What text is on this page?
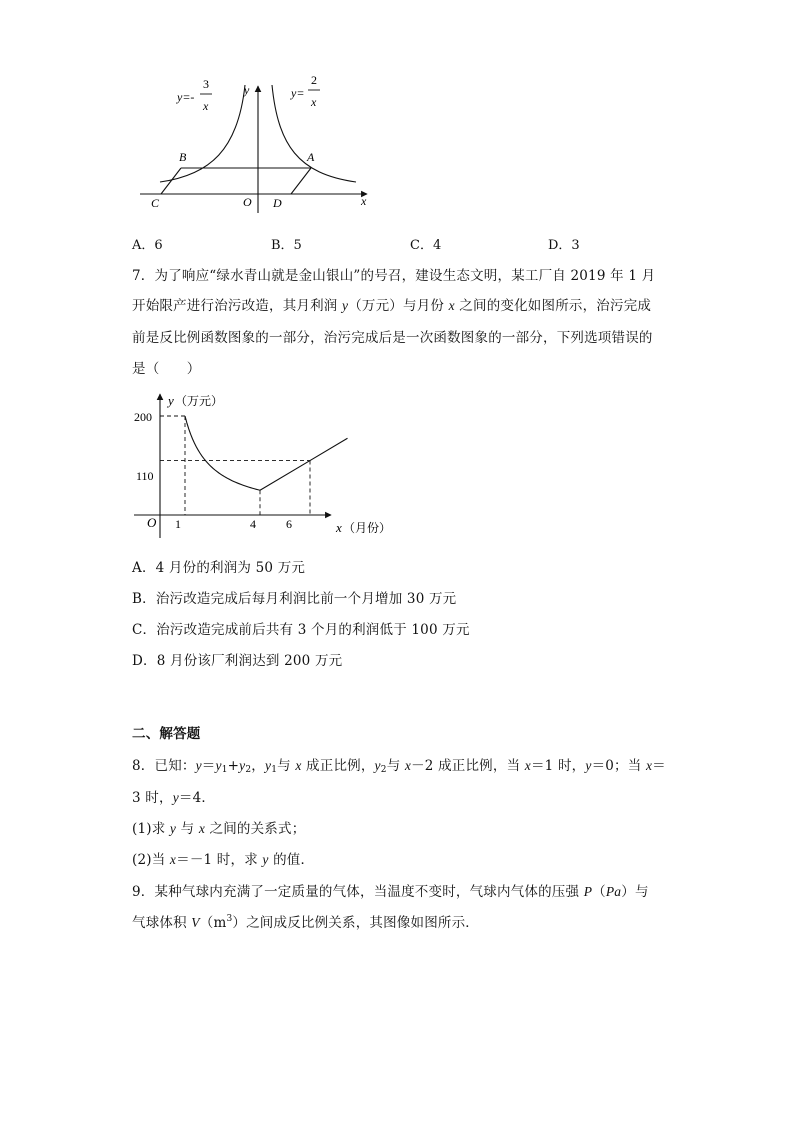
y=-
3
x
y=
2
x
y
x
B	A
C	O D
A．6	B．5	C．4	D．3
7．为了响应“绿水青山就是金山银山”的号召，建设生态文明，某工厂自 2019 年 1 月
开始限产进行治污改造，其月利润 y（万元）与月份 x 之间的变化如图所示，治污完成
前是反比例函数图象的一部分，治污完成后是一次函数图象的一部分，下列选项错误的
是（　　）
y （万元）
x （月份）
O
200
110
1	4	6
A．4 月份的利润为 50 万元
B．治污改造完成后每月利润比前一个月增加 30 万元
C．治污改造完成前后共有 3 个月的利润低于 100 万元
D．8 月份该厂利润达到 200 万元
二、解答题
8．已知：$y=y_1+y_2$，$y_1$与 x 成正比例，$y_2$与 x－2 成正比例，当 x＝1 时，y＝0；当 x＝
3 时，y＝4．
(1)求 y 与 x 之间的关系式；
(2)当 x＝－1 时，求 y 的值．
9．某种气球内充满了一定质量的气体，当温度不变时，气球内气体的压强 P（Pa）与
气球体积 $V(m^3)$之间成反比例关系，其图像如图所示．
